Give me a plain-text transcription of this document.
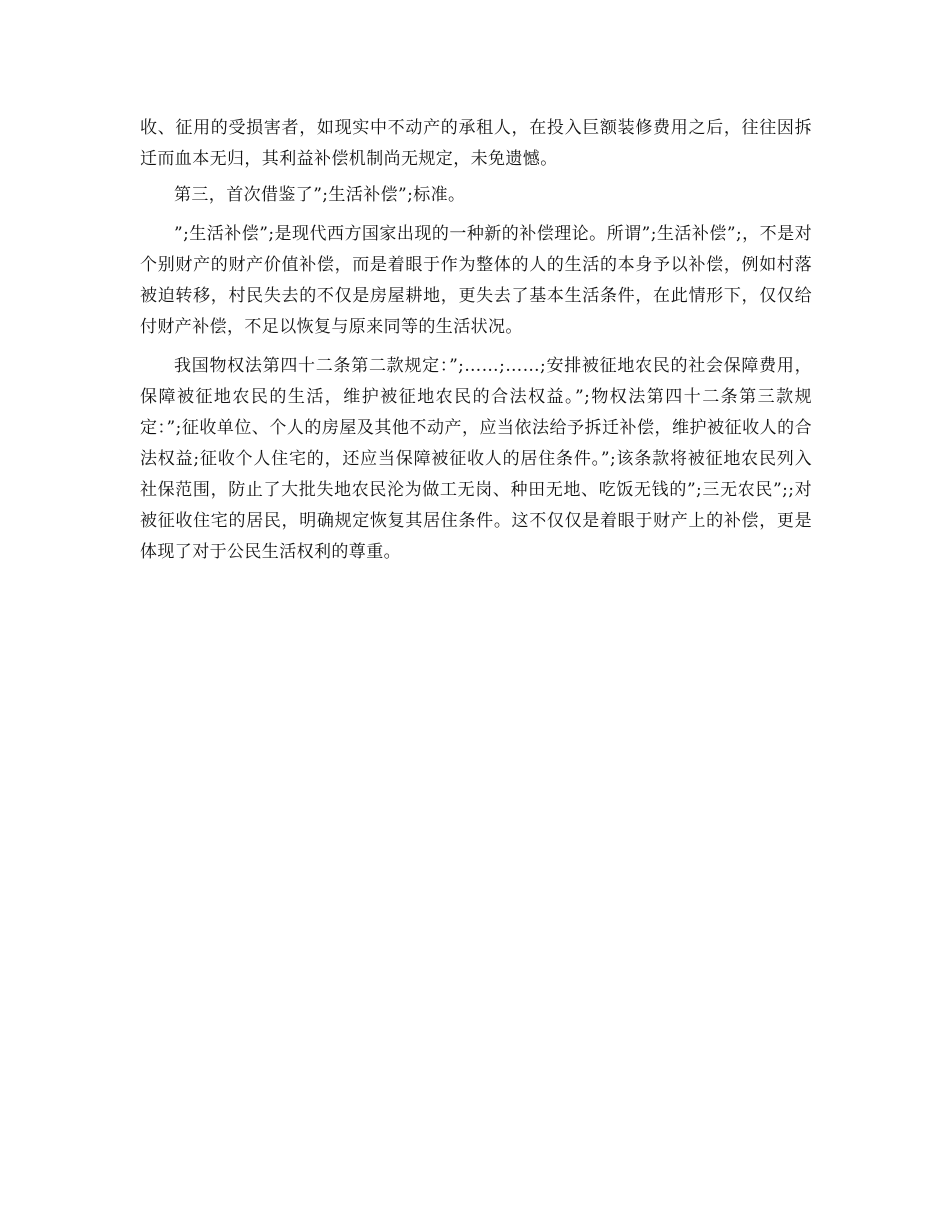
收、征用的受损害者，如现实中不动产的承租人，在投入巨额装修费用之后，往往因拆迁而血本无归，其利益补偿机制尚无规定，未免遗憾。

第三，首次借鉴了”;生活补偿”;标准。

”;生活补偿”;是现代西方国家出现的一种新的补偿理论。所谓”;生活补偿”;，不是对个别财产的财产价值补偿，而是着眼于作为整体的人的生活的本身予以补偿，例如村落被迫转移，村民失去的不仅是房屋耕地，更失去了基本生活条件，在此情形下，仅仅给付财产补偿，不足以恢复与原来同等的生活状况。

我国物权法第四十二条第二款规定：”;……;……;安排被征地农民的社会保障费用，保障被征地农民的生活，维护被征地农民的合法权益。”;物权法第四十二条第三款规定：”;征收单位、个人的房屋及其他不动产，应当依法给予拆迁补偿，维护被征收人的合法权益;征收个人住宅的，还应当保障被征收人的居住条件。”;该条款将被征地农民列入社保范围，防止了大批失地农民沦为做工无岗、种田无地、吃饭无钱的”;三无农民”;;对被征收住宅的居民，明确规定恢复其居住条件。这不仅仅是着眼于财产上的补偿，更是体现了对于公民生活权利的尊重。
